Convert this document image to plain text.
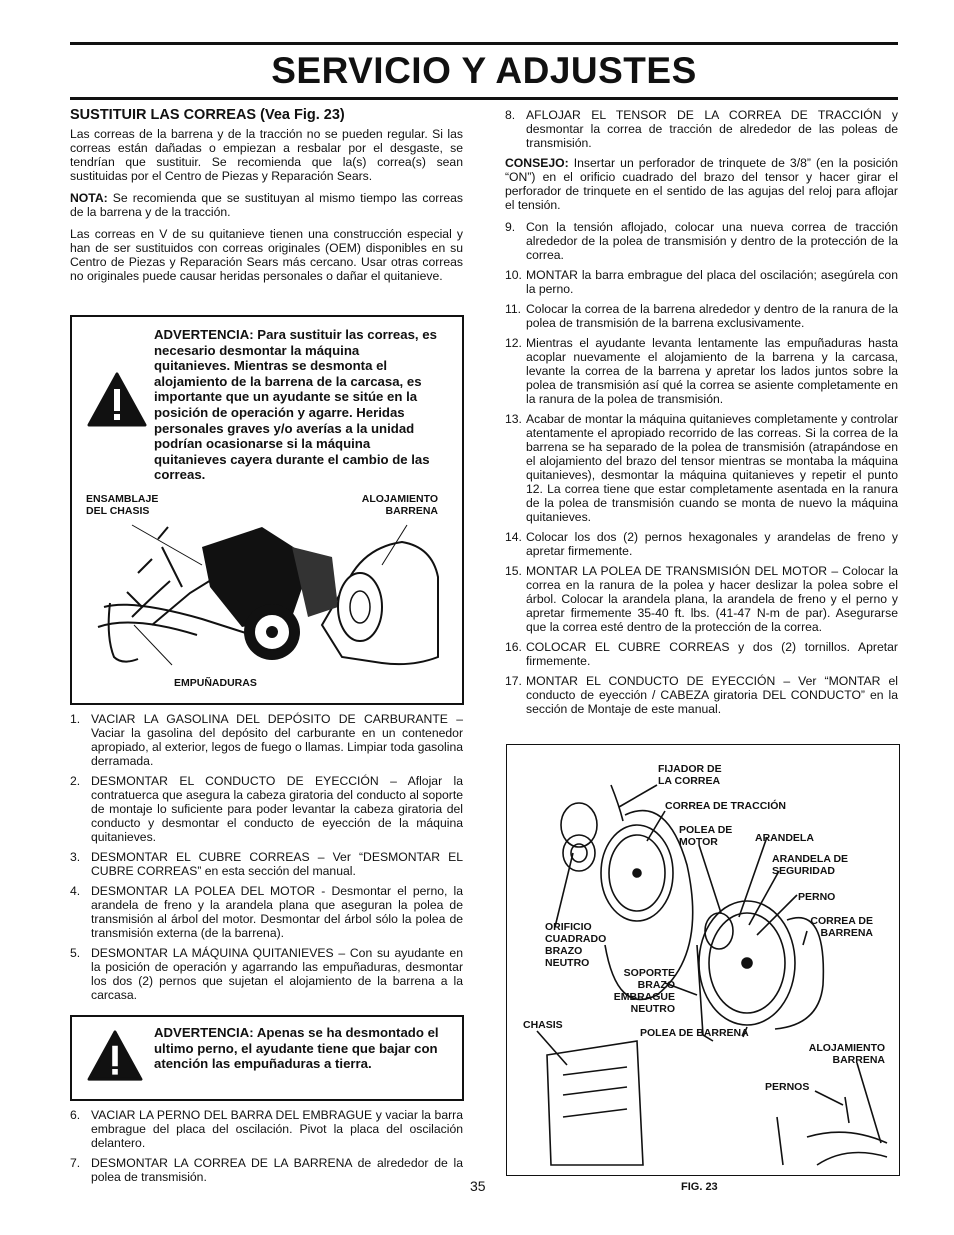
SERVICIO Y ADJUSTES
SUSTITUIR LAS CORREAS (Vea Fig. 23)

Las correas de la barrena y de la tracción no se pueden regular. Si las correas están dañadas o empiezan a resbalar por el desgaste, se tendrían que sustituir. Se recomienda que la(s) correa(s) sean sustituidas por el Centro de Piezas y Reparación Sears.

NOTA: Se recomienda que se sustituyan al mismo tiempo las correas de la barrena y de la tracción.

Las correas en V de su quitanieve tienen una construcción especial y han de ser sustituidos con correas originales (OEM) disponibles en su Centro de Piezas y Reparación Sears más cercano. Usar otras correas no originales puede causar heridas personales o dañar el quitanieve.

ADVERTENCIA: Para sustituir las correas, es necesario desmontar la máquina quitanieves. Mientras se desmonta el alojamiento de la barrena de la carcasa, es importante que un ayudante se sitúe en la posición de operación y agarre. Heridas personales graves y/o averías a la unidad podrían ocasionarse si la máquina quitanieves cayera durante el cambio de las correas.
ENSAMBLAJE
DEL CHASIS
ALOJAMIENTO
BARRENA
EMPUÑADURAS
1. VACIAR LA GASOLINA DEL DEPÓSITO DE CARBURANTE – Vaciar la gasolina del depósito del carburante en un contenedor apropiado, al exterior, legos de fuego o llamas. Limpiar toda gasolina derramada.
2. DESMONTAR EL CONDUCTO DE EYECCIÓN – Aflojar la contratuerca que asegura la cabeza giratoria del conducto al soporte de montaje lo suficiente para poder levantar la cabeza giratoria del conducto y desmontar el conducto de eyección de la máquina quitanieves.
3. DESMONTAR EL CUBRE CORREAS – Ver “DESMONTAR EL CUBRE CORREAS” en esta sección del manual.
4. DESMONTAR LA POLEA DEL MOTOR - Desmontar el perno, la arandela de freno y la arandela plana que aseguran la polea de transmisión al árbol del motor. Desmontar del árbol sólo la polea de transmisión externa (de la barrena).
5. DESMONTAR LA MÁQUINA QUITANIEVES – Con su ayudante en la posición de operación y agarrando las empuñaduras, desmontar los dos (2) pernos que sujetan el alojamiento de la barrena a la carcasa.
ADVERTENCIA: Apenas se ha desmontado el ultimo perno, el ayudante tiene que bajar con atención las empuñaduras a tierra.
6. VACIAR LA PERNO DEL BARRA DEL EMBRAGUE y vaciar la barra embrague del placa del oscilación. Pivot la placa del oscilación delantero.
7. DESMONTAR LA CORREA DE LA BARRENA de alrededor de la polea de transmisión.
8. AFLOJAR EL TENSOR DE LA CORREA DE TRACCIÓN y desmontar la correa de tracción de alrededor de las poleas de transmisión.

CONSEJO: Insertar un perforador de trinquete de 3/8” (en la posición “ON”) en el orificio cuadrado del brazo del tensor y hacer girar el perforador de trinquete en el sentido de las agujas del reloj para aflojar el tensión.

9. Con la tensión aflojado, colocar una nueva correa de tracción alrededor de la polea de transmisión y dentro de la protección de la correa.
10. MONTAR la barra embrague del placa del oscilación; asegúrela con la perno.
11. Colocar la correa de la barrena alrededor y dentro de la ranura de la polea de transmisión de la barrena exclusivamente.
12. Mientras el ayudante levanta lentamente las empuñaduras hasta acoplar nuevamente el alojamiento de la barrena y la carcasa, levante la correa de la barrena y apretar los lados juntos sobre la polea de transmisión así qué la correa se asiente completamente en la ranura de la polea de transmisión.
13. Acabar de montar la máquina quitanieves completamente y controlar atentamente el apropiado recorrido de las correas. Si la correa de la barrena se ha separado de la polea de transmisión (atrapándose en el alojamiento del brazo del tensor mientras se montaba la máquina quitanieves), desmontar la máquina quitanieves y repetir el punto 12. La correa tiene que estar completamente asentada en la ranura de la polea de transmisión cuando se monta de nuevo la máquina quitanieves.
14. Colocar los dos (2) pernos hexagonales y arandelas de freno y apretar firmemente.
15. MONTAR LA POLEA DE TRANSMISIÓN DEL MOTOR – Colocar la correa en la ranura de la polea y hacer deslizar la polea sobre el árbol. Colocar la arandela plana, la arandela de freno y el perno y apretar firmemente 35-40 ft. lbs. (41-47 N-m de par). Asegurarse que la correa esté dentro de la protección de la correa.
16. COLOCAR EL CUBRE CORREAS y dos (2) tornillos. Apretar firmemente.
17. MONTAR EL CONDUCTO DE EYECCIÓN – Ver “MONTAR el conducto de eyección / CABEZA giratoria DEL CONDUCTO” en la sección de Montaje de este manual.
FIJADOR DE
LA CORREA
CORREA DE TRACCIÓN
POLEA DE
MOTOR	ARANDELA
ARANDELA DE
SEGURIDAD
PERNO
CORREA DE
BARRENA
ORIFICIO
CUADRADO
BRAZO
NEUTRO
SOPORTE
BRAZO
EMBRAGUE
NEUTRO
CHASIS
POLEA DE BARRENA
ALOJAMIENTO
BARRENA
PERNOS
FIG. 23
35
